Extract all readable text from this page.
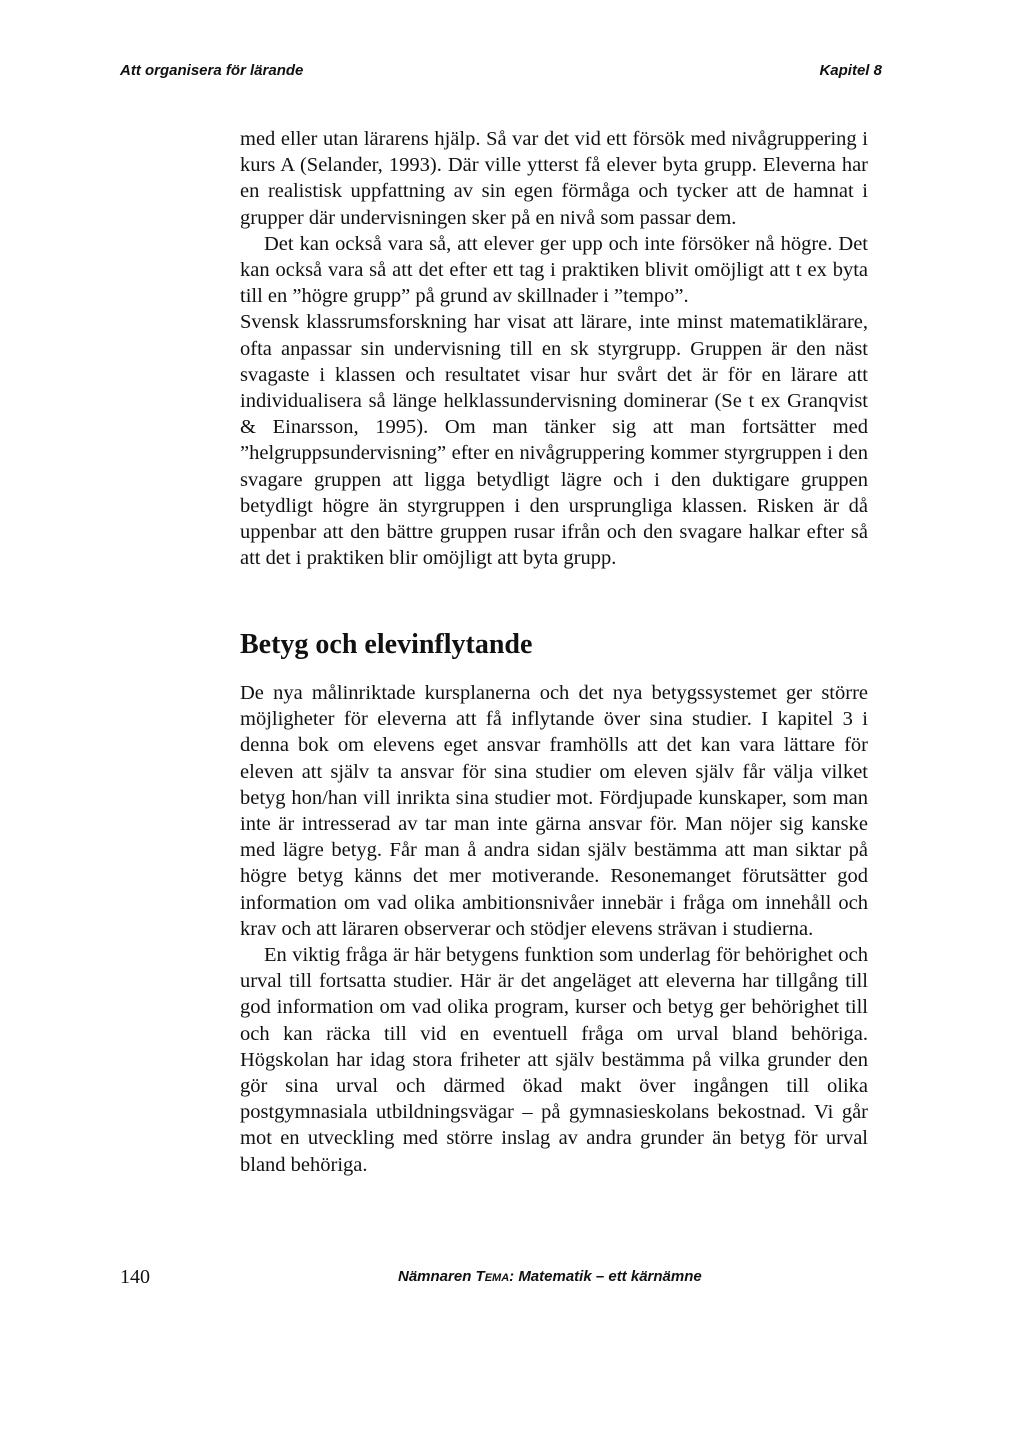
Att organisera för lärande	Kapitel 8

med eller utan lärarens hjälp. Så var det vid ett försök med nivågruppering i kurs A (Selander, 1993). Där ville ytterst få elever byta grupp. Eleverna har en realistisk uppfattning av sin egen förmåga och tycker att de hamnat i grupper där undervisningen sker på en nivå som passar dem.

Det kan också vara så, att elever ger upp och inte försöker nå högre. Det kan också vara så att det efter ett tag i praktiken blivit omöjligt att t ex byta till en ”högre grupp” på grund av skillnader i ”tempo”.

Svensk klassrumsforskning har visat att lärare, inte minst matematiklärare, ofta anpassar sin undervisning till en sk styrgrupp. Gruppen är den näst svagaste i klassen och resultatet visar hur svårt det är för en lärare att individualisera så länge helklassundervisning dominerar (Se t ex Granqvist & Einarsson, 1995). Om man tänker sig att man fortsätter med ”helgruppsundervisning” efter en nivågruppering kommer styrgruppen i den svagare gruppen att ligga betydligt lägre och i den duktigare gruppen betydligt högre än styrgruppen i den ursprungliga klassen. Risken är då uppenbar att den bättre gruppen rusar ifrån och den svagare halkar efter så att det i praktiken blir omöjligt att byta grupp.

Betyg och elevinflytande

De nya målinriktade kursplanerna och det nya betygssystemet ger större möjligheter för eleverna att få inflytande över sina studier. I kapitel 3 i denna bok om elevens eget ansvar framhölls att det kan vara lättare för eleven att själv ta ansvar för sina studier om eleven själv får välja vilket betyg hon/han vill inrikta sina studier mot. Fördjupade kunskaper, som man inte är intresserad av tar man inte gärna ansvar för. Man nöjer sig kanske med lägre betyg. Får man å andra sidan själv bestämma att man siktar på högre betyg känns det mer motiverande. Resonemanget förutsätter god information om vad olika ambitionsnivåer innebär i fråga om innehåll och krav och att läraren observerar och stödjer elevens strävan i studierna.

En viktig fråga är här betygens funktion som underlag för behörighet och urval till fortsatta studier. Här är det angeläget att eleverna har tillgång till god information om vad olika program, kurser och betyg ger behörighet till och kan räcka till vid en eventuell fråga om urval bland behöriga. Högskolan har idag stora friheter att själv bestämma på vilka grunder den gör sina urval och därmed ökad makt över ingången till olika postgymnasiala utbildningsvägar – på gymnasieskolans bekostnad. Vi går mot en utveckling med större inslag av andra grunder än betyg för urval bland behöriga.

140	Nämnaren Tema: Matematik – ett kärnämne
